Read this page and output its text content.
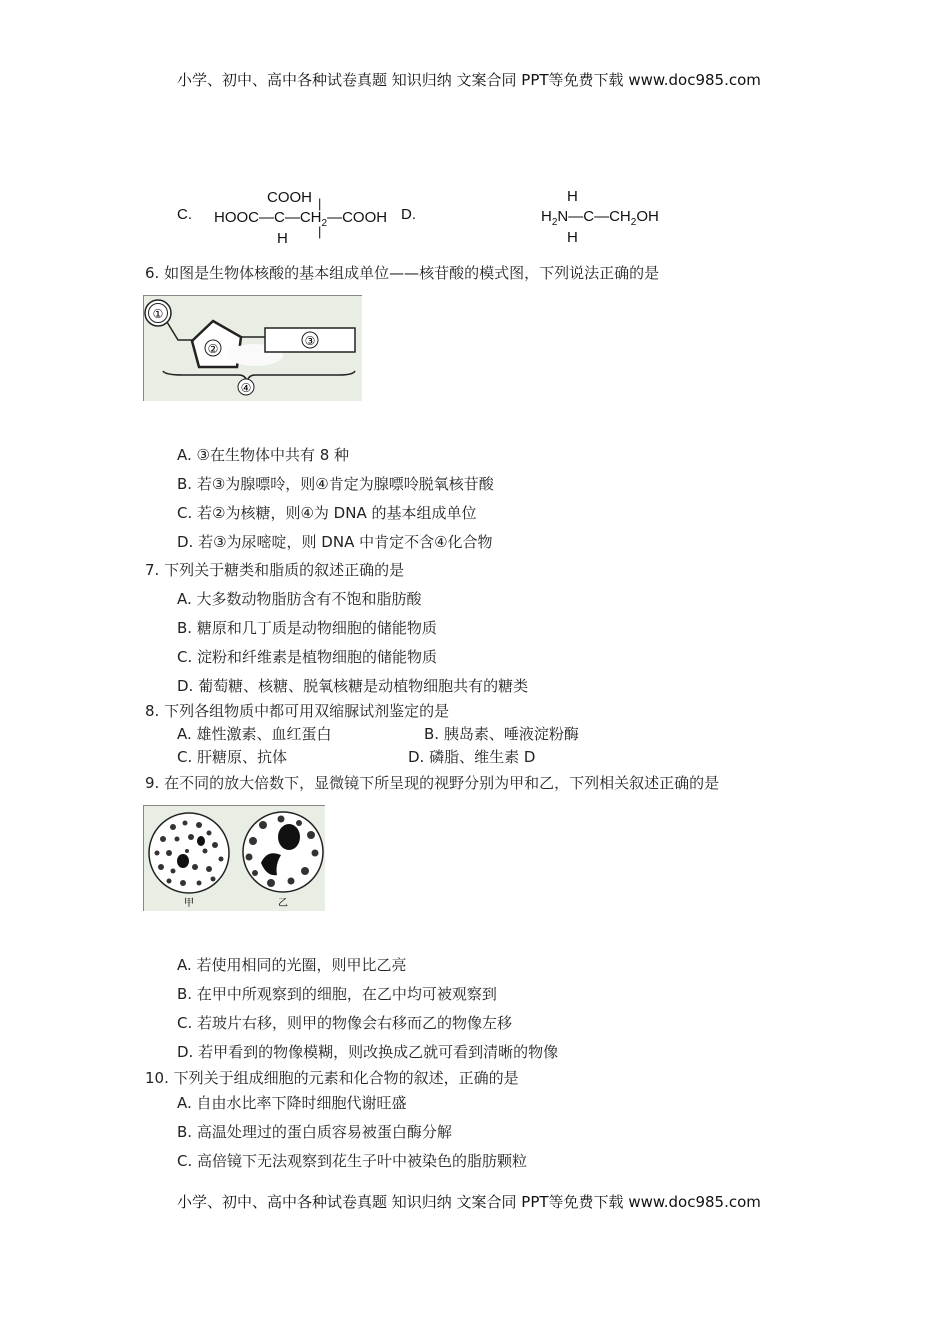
小学、初中、高中各种试卷真题 知识归纳 文案合同 PPT等免费下载 www.doc985.com
C.
COOH |
$HOOC—C—CH_2—COOH$
H |
D.
H
$H_2N—C—CH_2OH$
H
6. 如图是生物体核酸的基本组成单位——核苷酸的模式图，下列说法正确的是
①
②
③
④
A. ③在生物体中共有 8 种
B. 若③为腺嘌呤，则④肯定为腺嘌呤脱氧核苷酸
C. 若②为核糖，则④为 DNA 的基本组成单位
D. 若③为尿嘧啶，则 DNA 中肯定不含④化合物
7. 下列关于糖类和脂质的叙述正确的是
A. 大多数动物脂肪含有不饱和脂肪酸
B. 糖原和几丁质是动物细胞的储能物质
C. 淀粉和纤维素是植物细胞的储能物质
D. 葡萄糖、核糖、脱氧核糖是动植物细胞共有的糖类
8. 下列各组物质中都可用双缩脲试剂鉴定的是
A. 雄性激素、血红蛋白	B. 胰岛素、唾液淀粉酶
C. 肝糖原、抗体	D. 磷脂、维生素 D
9. 在不同的放大倍数下，显微镜下所呈现的视野分别为甲和乙，下列相关叙述正确的是
甲	乙
A. 若使用相同的光圈，则甲比乙亮
B. 在甲中所观察到的细胞，在乙中均可被观察到
C. 若玻片右移，则甲的物像会右移而乙的物像左移
D. 若甲看到的物像模糊，则改换成乙就可看到清晰的物像
10. 下列关于组成细胞的元素和化合物的叙述，正确的是
A. 自由水比率下降时细胞代谢旺盛
B. 高温处理过的蛋白质容易被蛋白酶分解
C. 高倍镜下无法观察到花生子叶中被染色的脂肪颗粒
小学、初中、高中各种试卷真题 知识归纳 文案合同 PPT等免费下载 www.doc985.com
